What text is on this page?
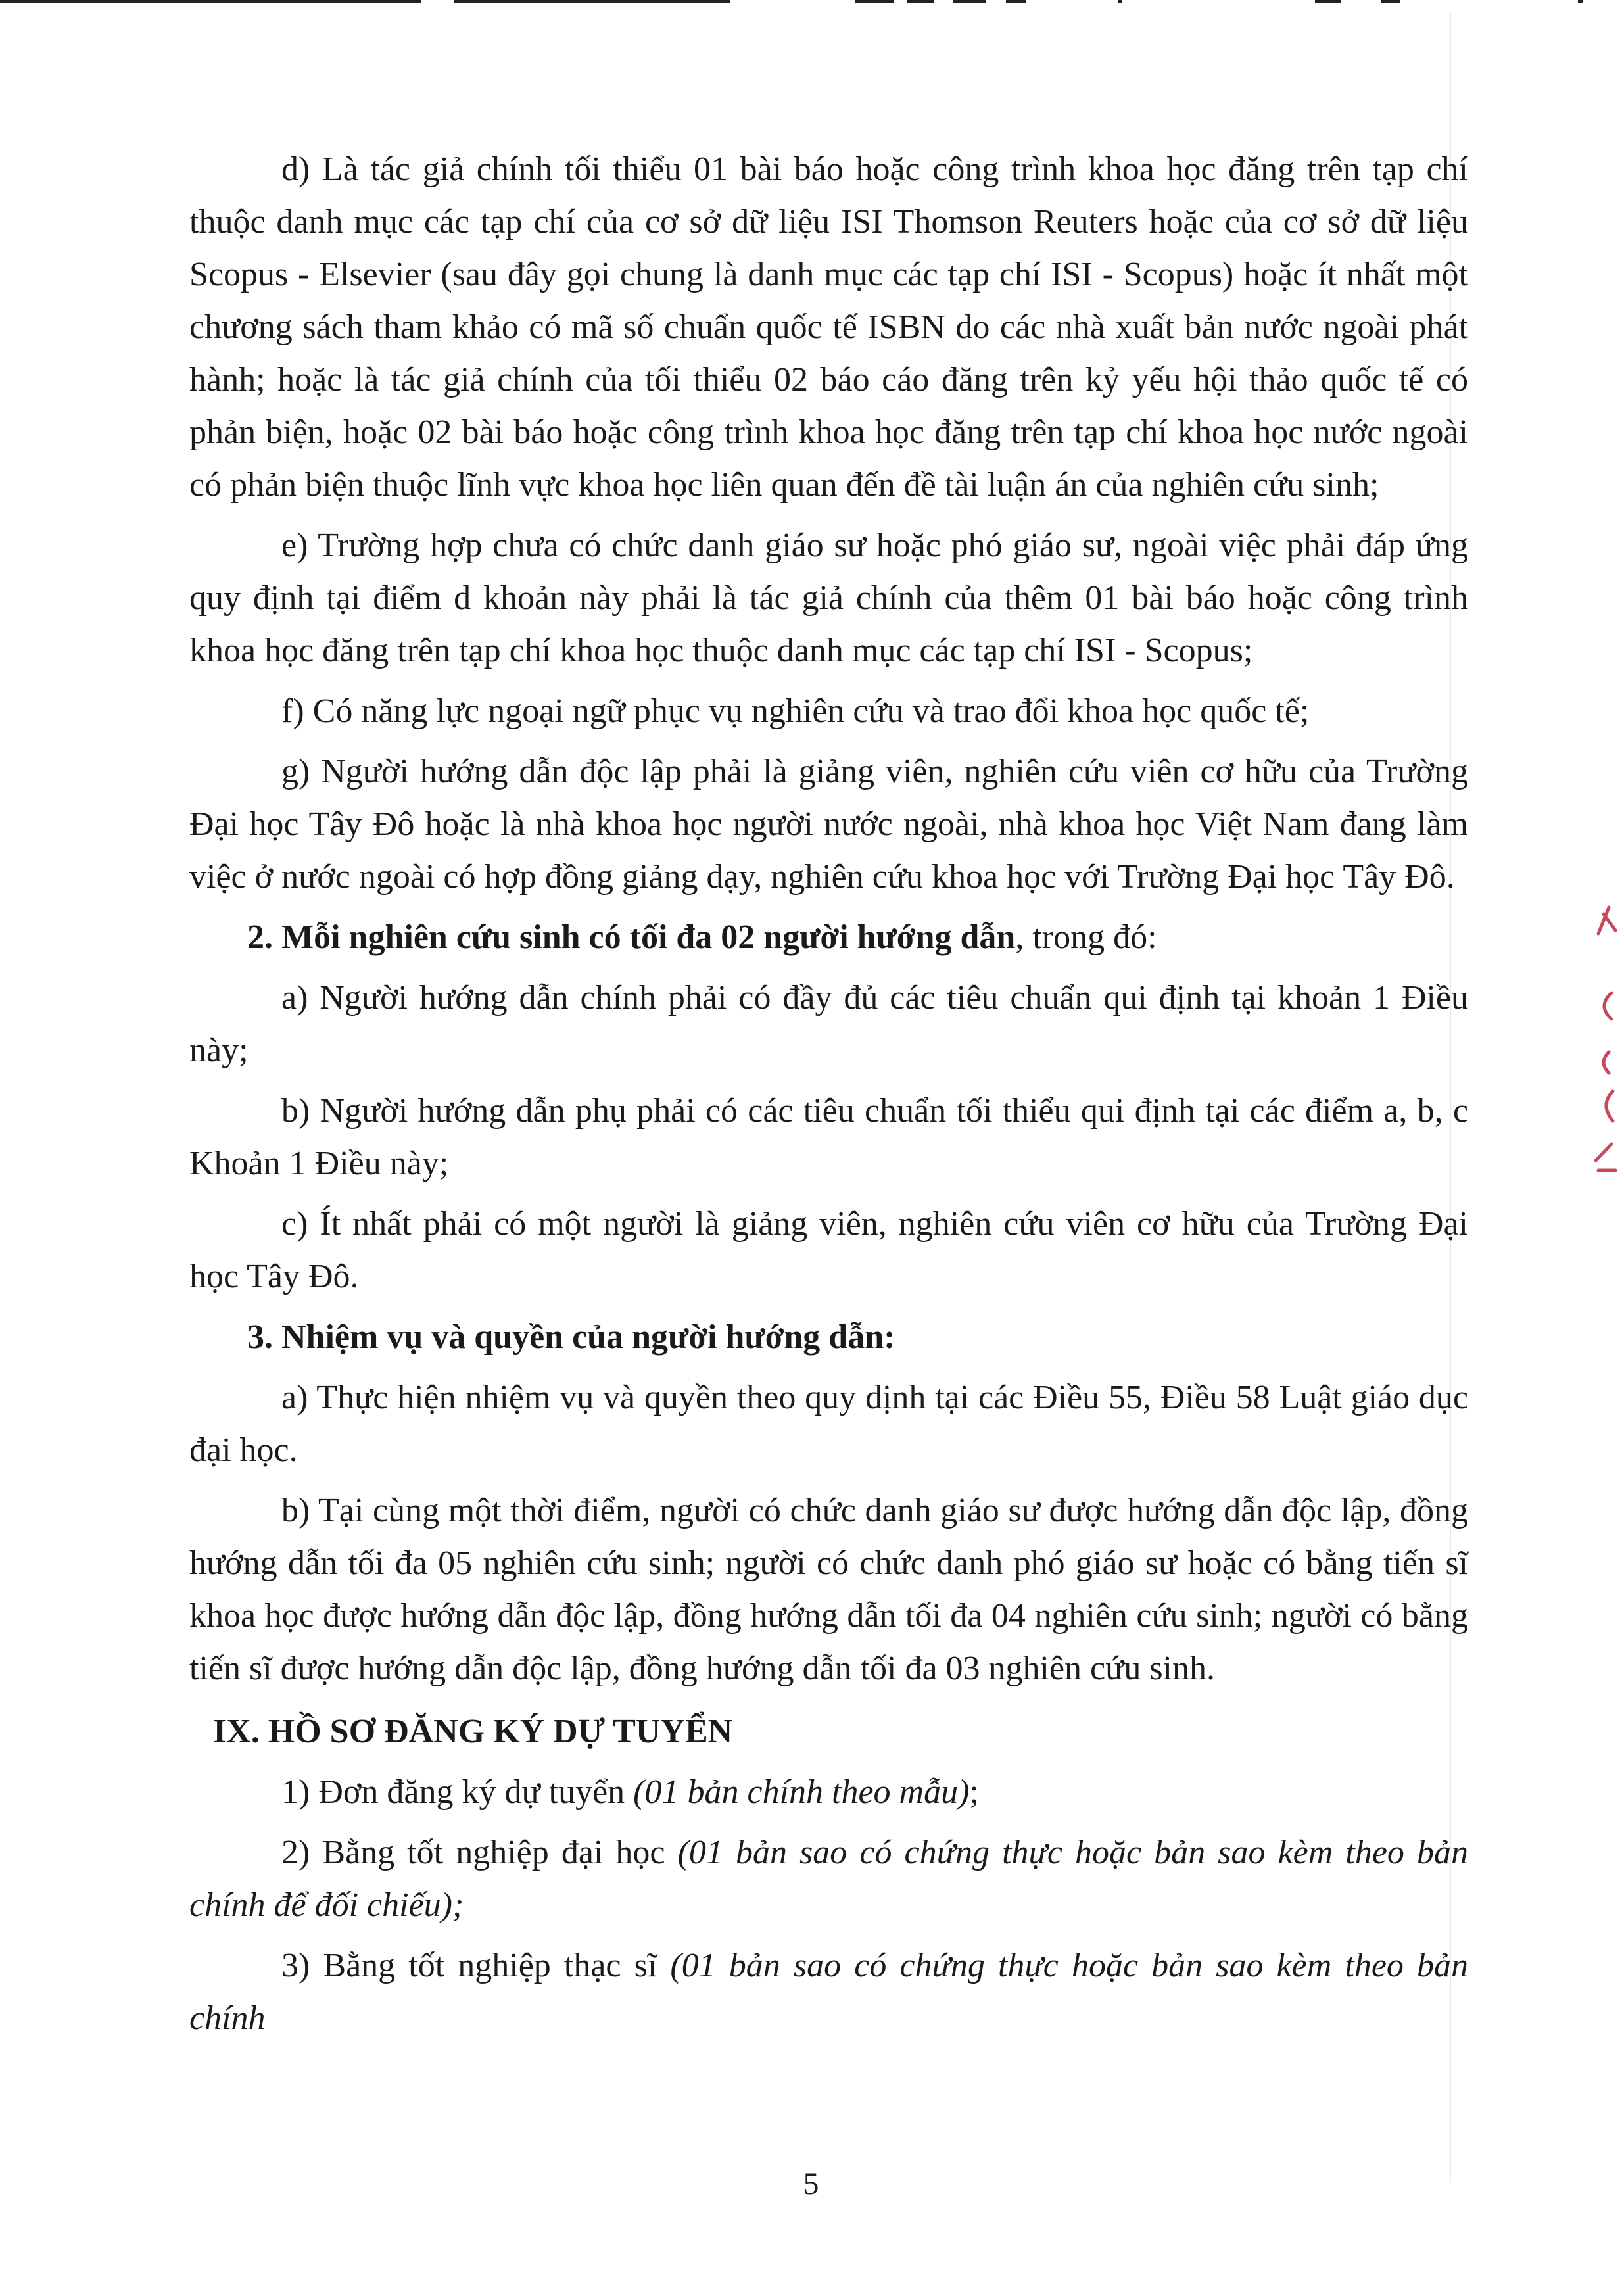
d) Là tác giả chính tối thiểu 01 bài báo hoặc công trình khoa học đăng trên tạp chí thuộc danh mục các tạp chí của cơ sở dữ liệu ISI Thomson Reuters hoặc của cơ sở dữ liệu Scopus - Elsevier (sau đây gọi chung là danh mục các tạp chí ISI - Scopus) hoặc ít nhất một chương sách tham khảo có mã số chuẩn quốc tế ISBN do các nhà xuất bản nước ngoài phát hành; hoặc là tác giả chính của tối thiểu 02 báo cáo đăng trên kỷ yếu hội thảo quốc tế có phản biện, hoặc 02 bài báo hoặc công trình khoa học đăng trên tạp chí khoa học nước ngoài có phản biện thuộc lĩnh vực khoa học liên quan đến đề tài luận án của nghiên cứu sinh;

e) Trường hợp chưa có chức danh giáo sư hoặc phó giáo sư, ngoài việc phải đáp ứng quy định tại điểm d khoản này phải là tác giả chính của thêm 01 bài báo hoặc công trình khoa học đăng trên tạp chí khoa học thuộc danh mục các tạp chí ISI - Scopus;

f) Có năng lực ngoại ngữ phục vụ nghiên cứu và trao đổi khoa học quốc tế;

g) Người hướng dẫn độc lập phải là giảng viên, nghiên cứu viên cơ hữu của Trường Đại học Tây Đô hoặc là nhà khoa học người nước ngoài, nhà khoa học Việt Nam đang làm việc ở nước ngoài có hợp đồng giảng dạy, nghiên cứu khoa học với Trường Đại học Tây Đô.

2. Mỗi nghiên cứu sinh có tối đa 02 người hướng dẫn, trong đó:

a) Người hướng dẫn chính phải có đầy đủ các tiêu chuẩn qui định tại khoản 1 Điều này;

b) Người hướng dẫn phụ phải có các tiêu chuẩn tối thiểu qui định tại các điểm a, b, c Khoản 1 Điều này;

c) Ít nhất phải có một người là giảng viên, nghiên cứu viên cơ hữu của Trường Đại học Tây Đô.

3. Nhiệm vụ và quyền của người hướng dẫn:

a) Thực hiện nhiệm vụ và quyền theo quy dịnh tại các Điều 55, Điều 58 Luật giáo dục đại học.

b) Tại cùng một thời điểm, người có chức danh giáo sư được hướng dẫn độc lập, đồng hướng dẫn tối đa 05 nghiên cứu sinh; người có chức danh phó giáo sư hoặc có bằng tiến sĩ khoa học được hướng dẫn độc lập, đồng hướng dẫn tối đa 04 nghiên cứu sinh; người có bằng tiến sĩ được hướng dẫn độc lập, đồng hướng dẫn tối đa 03 nghiên cứu sinh.

IX. HỒ SƠ ĐĂNG KÝ DỰ TUYỂN

1) Đơn đăng ký dự tuyển (01 bản chính theo mẫu);

2) Bằng tốt nghiệp đại học (01 bản sao có chứng thực hoặc bản sao kèm theo bản chính để đối chiếu);

3) Bằng tốt nghiệp thạc sĩ (01 bản sao có chứng thực hoặc bản sao kèm theo bản chính

5
